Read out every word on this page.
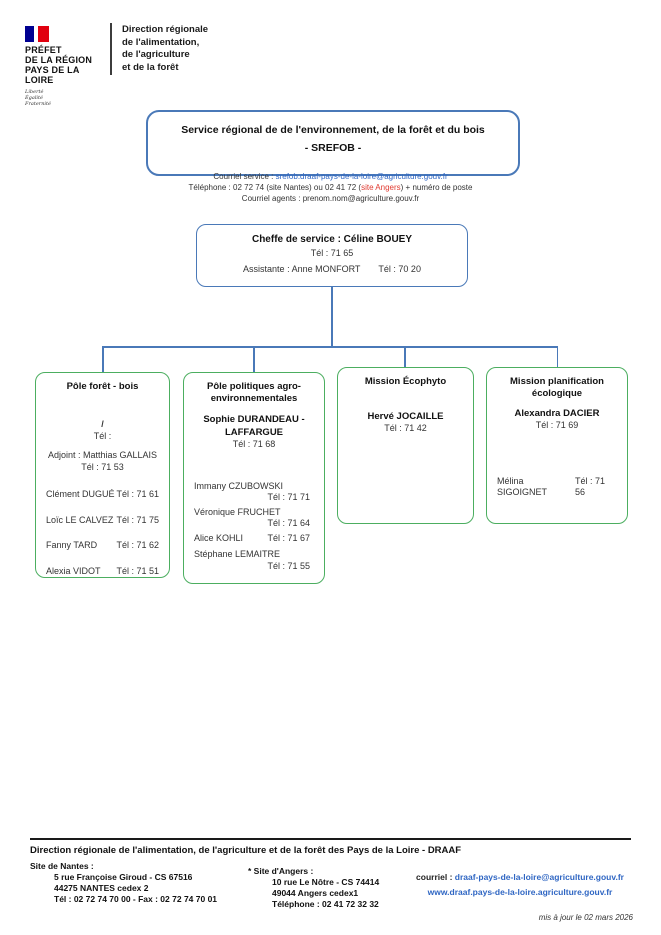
PRÉFET
DE LA RÉGION
PAYS DE LA LOIRE
Liberté
Égalité
Fraternité
Direction régionale
de l'alimentation,
de l'agriculture
et de la forêt
Service régional de de l'environnement, de la forêt et du bois
- SREFOB -
Courriel service : srefob.draaf-pays-de-la-loire@agriculture.gouv.fr
Téléphone : 02 72 74 (site Nantes) ou 02 41 72 (site Angers) + numéro de poste
Courriel agents : prenom.nom@agriculture.gouv.fr
Cheffe de service : Céline BOUEY
Tél : 71 65
Assistante : Anne MONFORT Tél : 70 20
Pôle forêt - bois
/
Tél :
Adjoint : Matthias GALLAIS
Tél : 71 53
Clément DUGUÉ Tél : 71 61
Loïc LE CALVEZ Tél : 71 75
Fanny TARD Tél : 71 62
Alexia VIDOT Tél : 71 51
Pôle politiques agro-environnementales
Sophie DURANDEAU - LAFFARGUE
Tél : 71 68
Immany CZUBOWSKI
Tél : 71 71
Véronique FRUCHET
Tél : 71 64
Alice KOHLI	Tél : 71 67
Stéphane LEMAITRE
Tél : 71 55
Mission Écophyto
Hervé JOCAILLE
Tél : 71 42
Mission planification écologique
Alexandra DACIER
Tél : 71 69
Mélina SIGOIGNET
Tél : 71 56
Direction régionale de l'alimentation, de l'agriculture et de la forêt des Pays de la Loire - DRAAF
Site de Nantes :
5 rue Françoise Giroud - CS 67516
44275 NANTES cedex 2
Tél : 02 72 74 70 00 - Fax : 02 72 74 70 01
* Site d'Angers :
10 rue Le Nôtre - CS 74414
49044 Angers cedex1
Téléphone : 02 41 72 32 32
courriel : draaf-pays-de-la-loire@agriculture.gouv.fr
www.draaf.pays-de-la-loire.agriculture.gouv.fr
mis à jour le 02 mars 2026
